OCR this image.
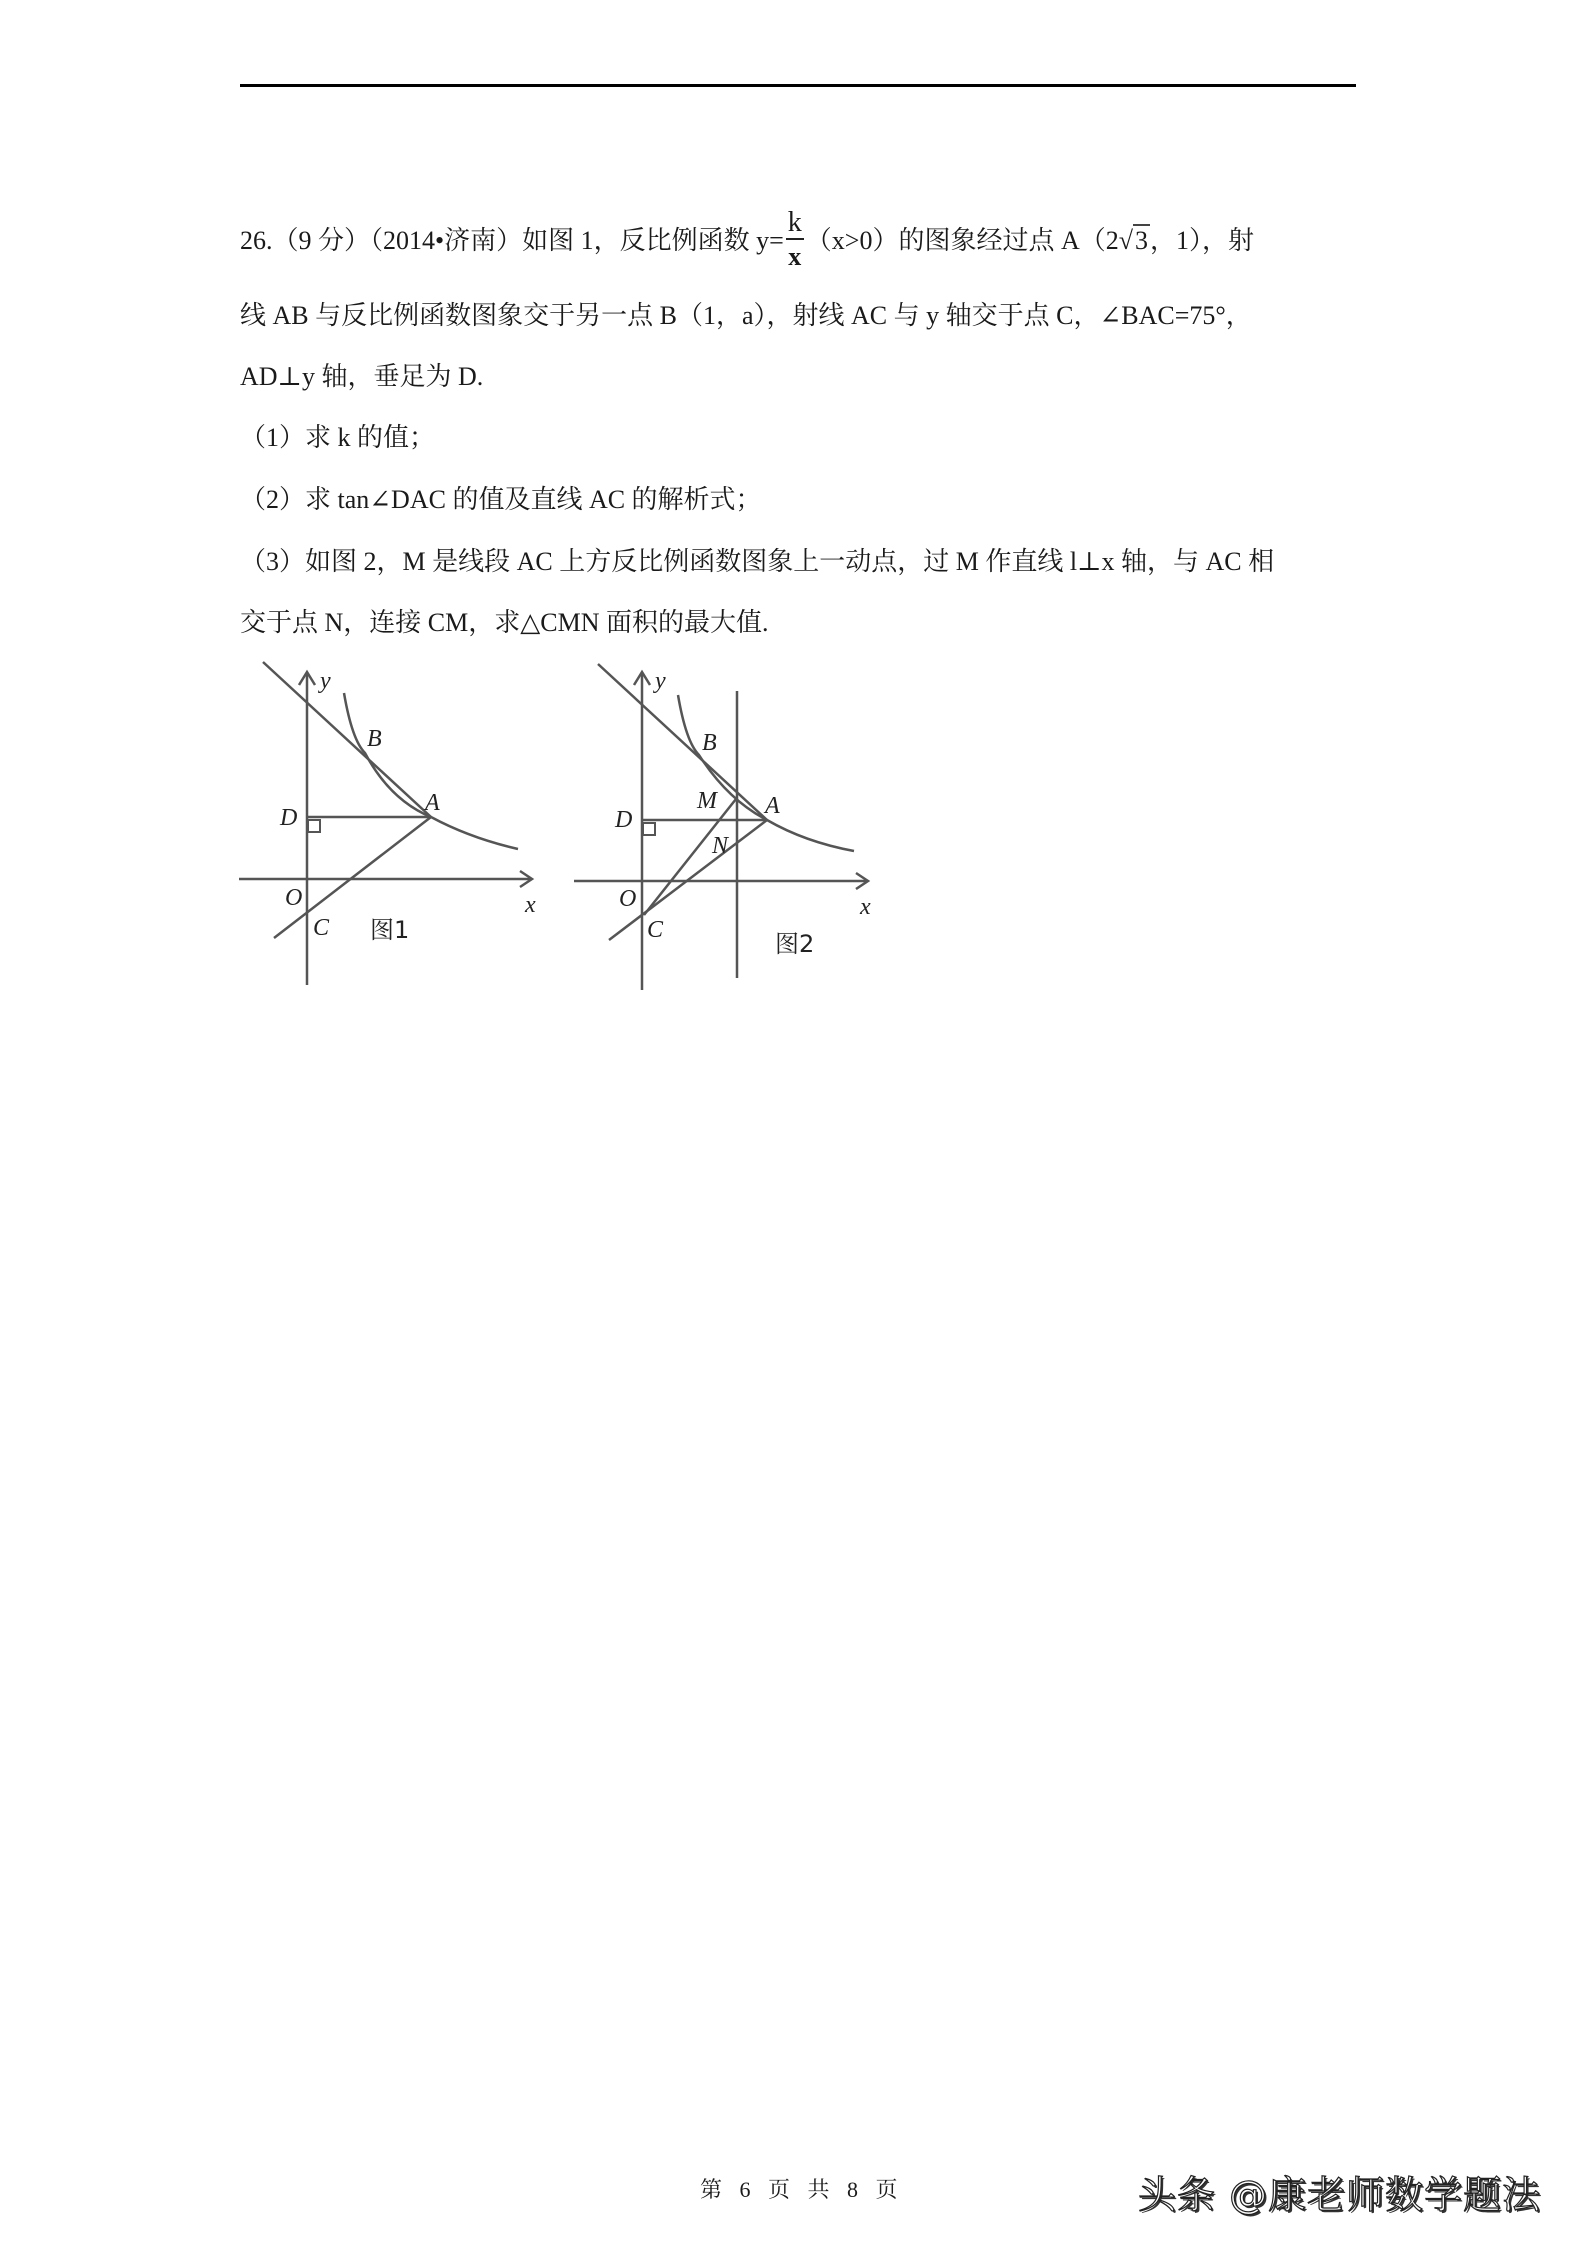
26.（9 分）（2014•济南）如图 1，反比例函数 $y= \frac{k}{x} (x>0)$的图象经过点 A（2√3，1），射
线 AB 与反比例函数图象交于另一点 B（1，a），射线 AC 与 y 轴交于点 C，∠BAC=75°，
AD⊥y 轴，垂足为 D.
（1）求 k 的值；
（2）求 tan∠DAC 的值及直线 AC 的解析式；
（3）如图 2，M 是线段 AC 上方反比例函数图象上一动点，过 M 作直线 l⊥x 轴，与 AC 相
交于点 N，连接 CM，求△CMN 面积的最大值.
y
B
A
D
O
C
x
图1
y
B
M A
D
N
O
C
x
图2
第 6 页 共 8 页	头条 @康老师数学题法
